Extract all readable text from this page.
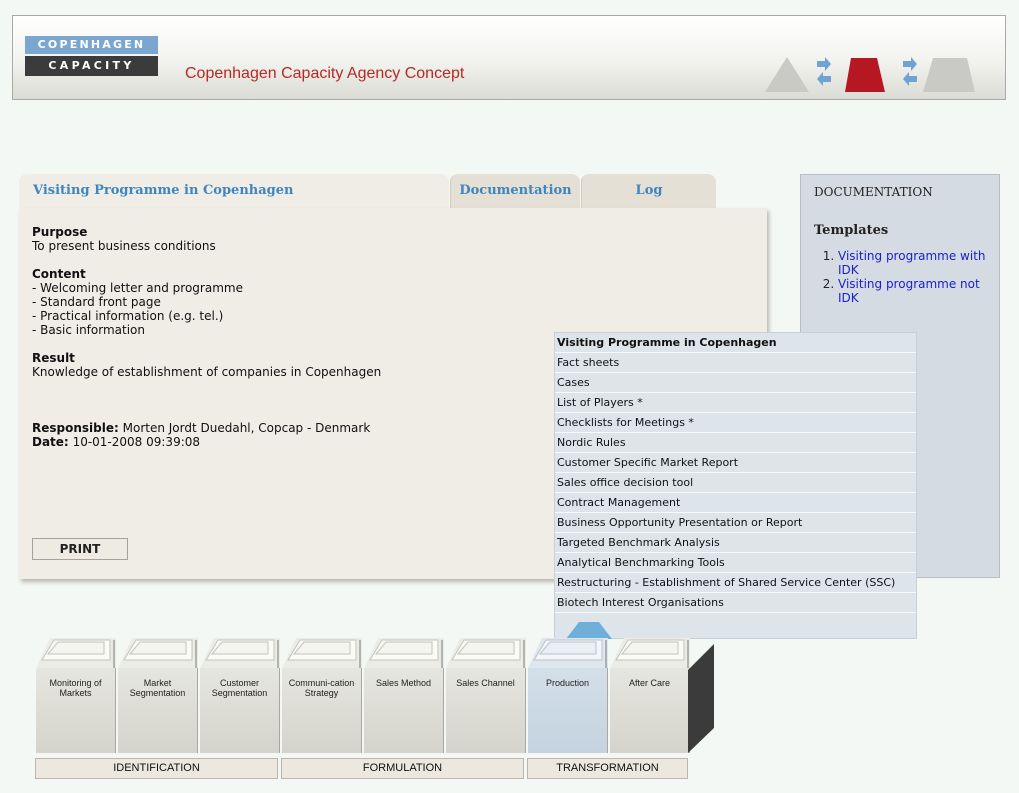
COPENHAGEN
CAPACITY	Copenhagen Capacity Agency Concept
Visiting Programme in Copenhagen	Documentation	Log
Purpose
To present business conditions
Content
- Welcoming letter and programme
- Standard front page
- Practical information (e.g. tel.)
- Basic information
Result
Knowledge of establishment of companies in Copenhagen
Responsible: Morten Jordt Duedahl, Copcap - Denmark
Date: 10-01-2008 09:39:08
PRINT
DOCUMENTATION
Templates
1. Visiting programme with IDK
2. Visiting programme not IDK
Visiting Programme in Copenhagen
Fact sheets
Cases
List of Players *
Checklists for Meetings *
Nordic Rules
Customer Specific Market Report
Sales office decision tool
Contract Management
Business Opportunity Presentation or Report
Targeted Benchmark Analysis
Analytical Benchmarking Tools
Restructuring - Establishment of Shared Service Center (SSC)
Biotech Interest Organisations
Monitoring of Markets
Market Segmentation
Customer Segmentation
Communi-cation Strategy
Sales Method	Sales Channel	Production	After Care
IDENTIFICATION	FORMULATION	TRANSFORMATION
